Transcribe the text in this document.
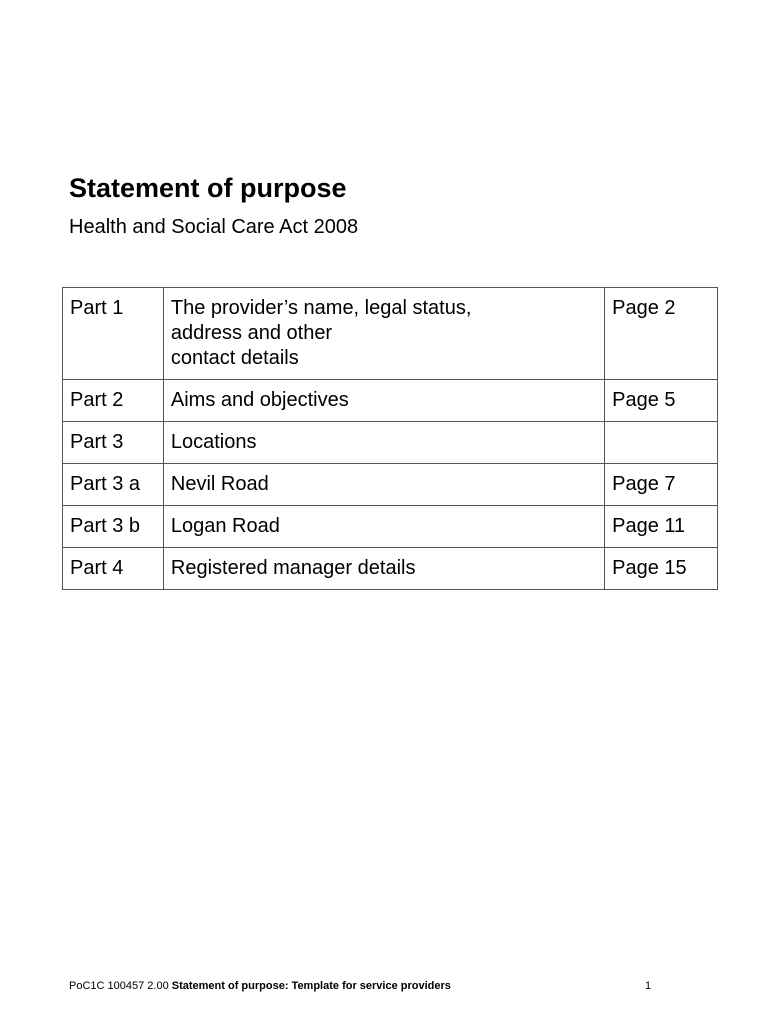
Statement of purpose
Health and Social Care Act 2008
Part 1	The provider’s name, legal status,
address and other
contact details	Page 2
Part 2	Aims and objectives	Page 5
Part 3	Locations	
Part 3 a	Nevil Road	Page 7
Part 3 b	Logan Road	Page 11
Part 4	Registered manager details	Page 15
PoC1C 100457 2.00 Statement of purpose: Template for service providers	1
